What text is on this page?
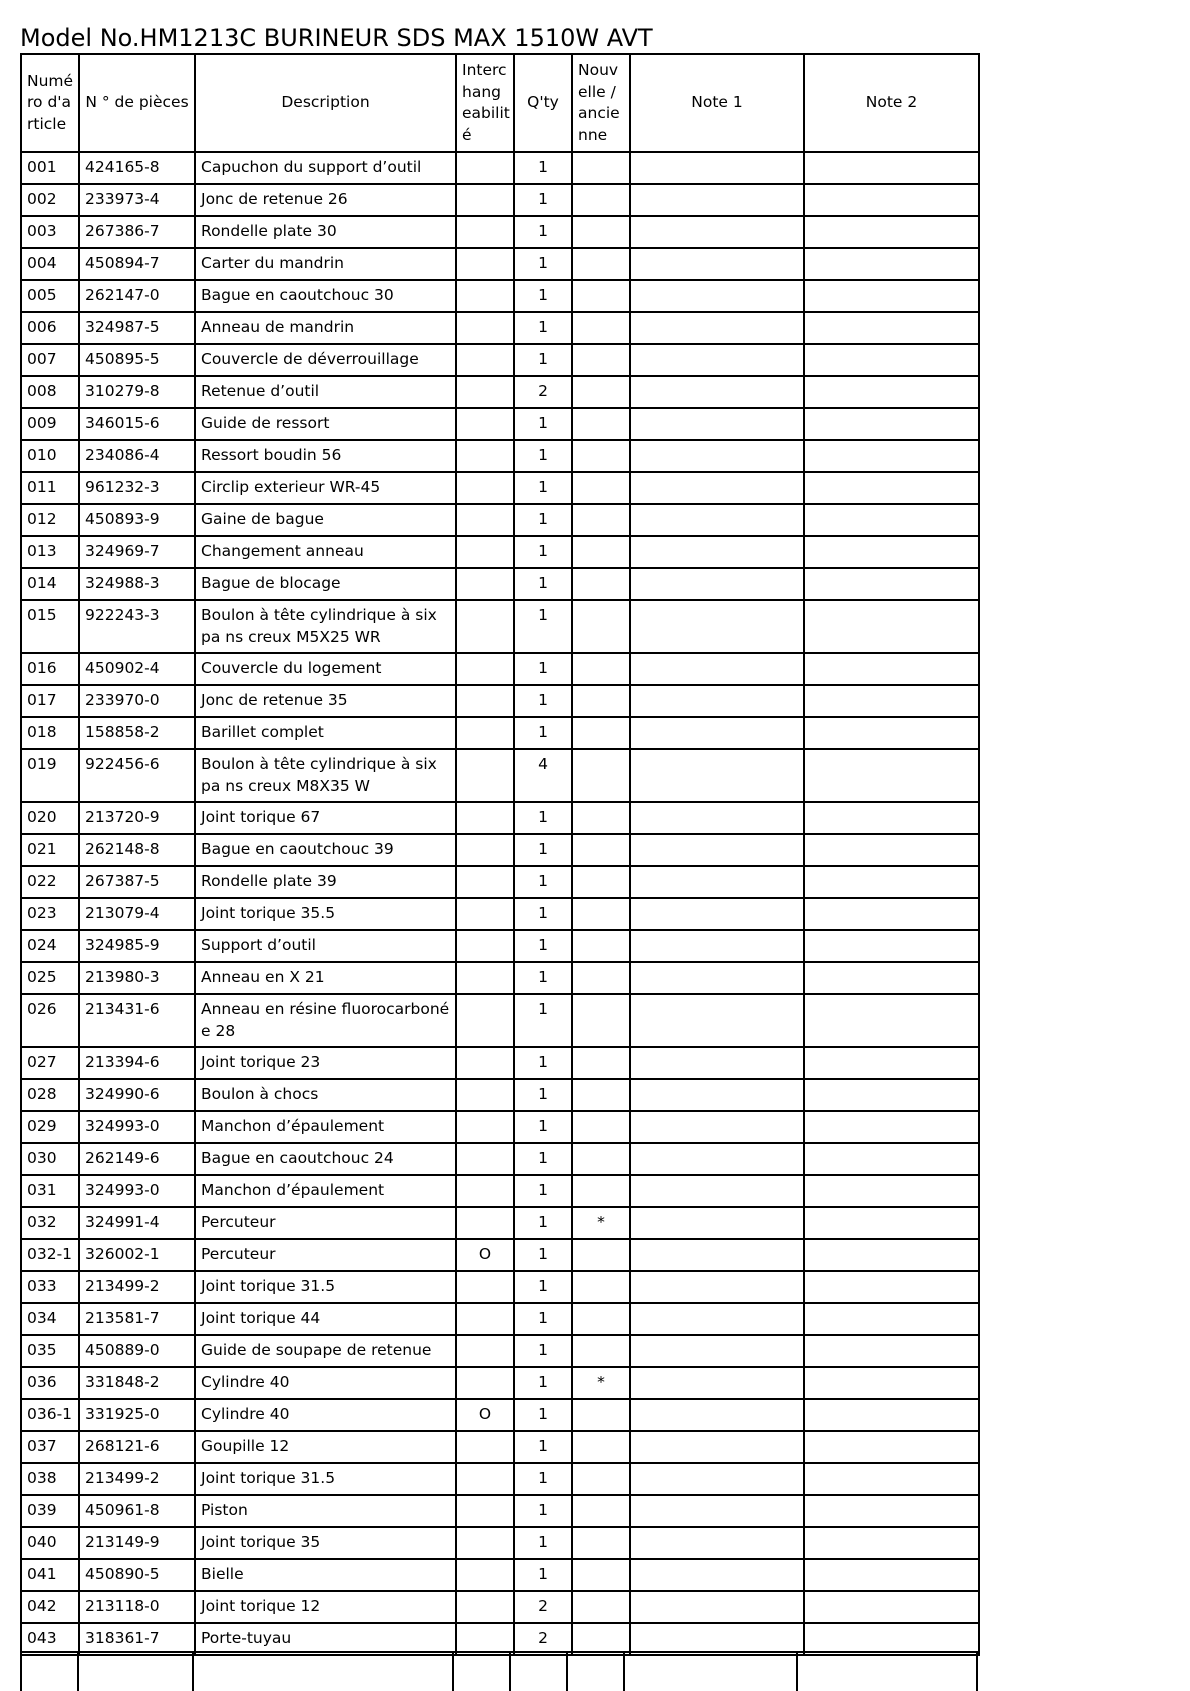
Model No.HM1213C BURINEUR SDS MAX 1510W AVT
Numé ro d'a rticle	N ° de pièces	Description	Interc hang eabilit é	Q'ty	Nouv elle / ancie nne	Note 1	Note 2
001	424165-8	Capuchon du support d’outil		1			
002	233973-4	Jonc de retenue 26		1			
003	267386-7	Rondelle plate 30		1			
004	450894-7	Carter du mandrin		1			
005	262147-0	Bague en caoutchouc 30		1			
006	324987-5	Anneau de mandrin		1			
007	450895-5	Couvercle de déverrouillage		1			
008	310279-8	Retenue d’outil		2			
009	346015-6	Guide de ressort		1			
010	234086-4	Ressort boudin 56		1			
011	961232-3	Circlip exterieur WR-45		1			
012	450893-9	Gaine de bague		1			
013	324969-7	Changement anneau		1			
014	324988-3	Bague de blocage		1			
015	922243-3	Boulon à tête cylindrique à six pa ns creux M5X25 WR		1			
016	450902-4	Couvercle du logement		1			
017	233970-0	Jonc de retenue 35		1			
018	158858-2	Barillet complet		1			
019	922456-6	Boulon à tête cylindrique à six pa ns creux M8X35 W		4			
020	213720-9	Joint torique 67		1			
021	262148-8	Bague en caoutchouc 39		1			
022	267387-5	Rondelle plate 39		1			
023	213079-4	Joint torique 35.5		1			
024	324985-9	Support d’outil		1			
025	213980-3	Anneau en X 21		1			
026	213431-6	Anneau en résine fluorocarboné e 28		1			
027	213394-6	Joint torique 23		1			
028	324990-6	Boulon à chocs		1			
029	324993-0	Manchon d’épaulement		1			
030	262149-6	Bague en caoutchouc 24		1			
031	324993-0	Manchon d’épaulement		1			
032	324991-4	Percuteur		1	*		
032-1	326002-1	Percuteur	O	1			
033	213499-2	Joint torique 31.5		1			
034	213581-7	Joint torique 44		1			
035	450889-0	Guide de soupape de retenue		1			
036	331848-2	Cylindre 40		1	*		
036-1	331925-0	Cylindre 40	O	1			
037	268121-6	Goupille 12		1			
038	213499-2	Joint torique 31.5		1			
039	450961-8	Piston		1			
040	213149-9	Joint torique 35		1			
041	450890-5	Bielle		1			
042	213118-0	Joint torique 12		2			
043	318361-7	Porte-tuyau		2			
